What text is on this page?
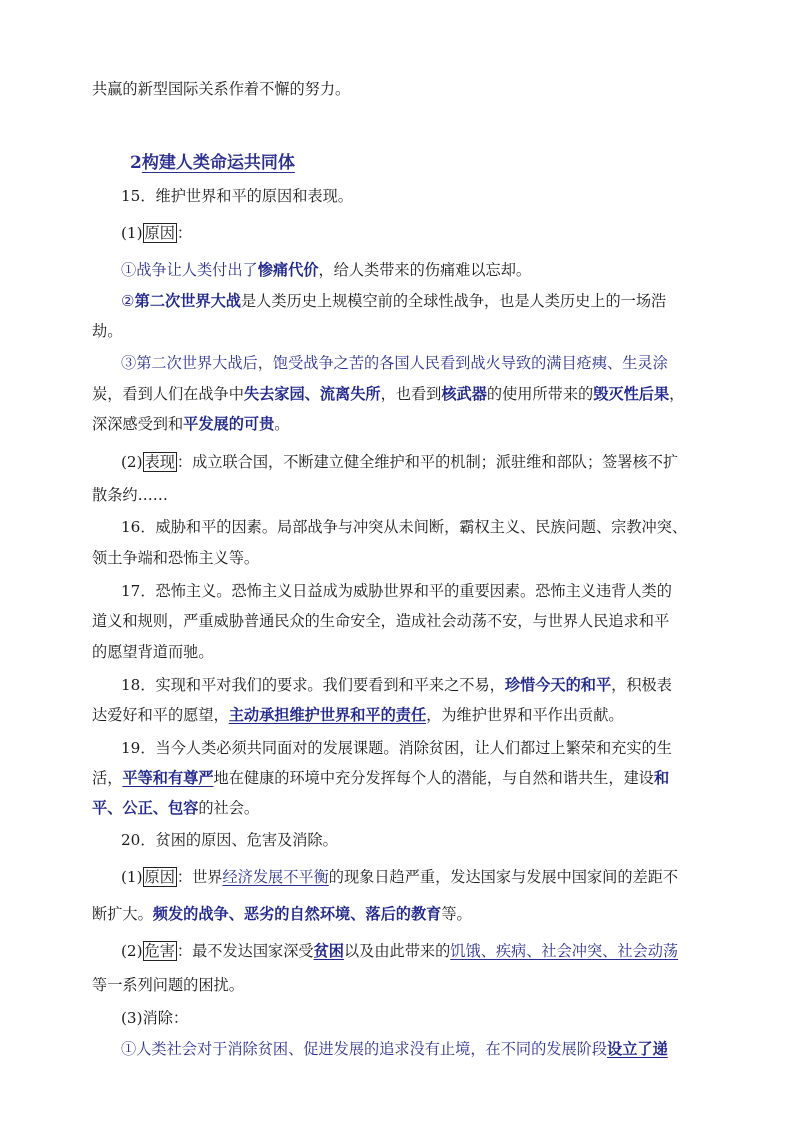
共赢的新型国际关系作着不懈的努力。
2构建人类命运共同体
15．维护世界和平的原因和表现。
(1) 原因 ：
①战争让人类付出了惨痛代价，给人类带来的伤痛难以忘却。
②第二次世界大战是人类历史上规模空前的全球性战争，也是人类历史上的一场浩
劫。
③第二次世界大战后，饱受战争之苦的各国人民看到战火导致的满目疮痍、生灵涂
炭，看到人们在战争中失去家园、流离失所，也看到核武器的使用所带来的毁灭性后果，
深深感受到和平发展的可贵。
(2) 表现 ：成立联合国，不断建立健全维护和平的机制；派驻维和部队；签署核不扩
散条约……
16．威胁和平的因素。局部战争与冲突从未间断，霸权主义、民族问题、宗教冲突、
领土争端和恐怖主义等。
17．恐怖主义。恐怖主义日益成为威胁世界和平的重要因素。恐怖主义违背人类的
道义和规则，严重威胁普通民众的生命安全，造成社会动荡不安，与世界人民追求和平
的愿望背道而驰。
18．实现和平对我们的要求。我们要看到和平来之不易，珍惜今天的和平，积极表
达爱好和平的愿望，主动承担维护世界和平的责任，为维护世界和平作出贡献。
19．当今人类必须共同面对的发展课题。消除贫困，让人们都过上繁荣和充实的生
活，平等和有尊严地在健康的环境中充分发挥每个人的潜能，与自然和谐共生，建设和
平、公正、包容的社会。
20．贫困的原因、危害及消除。
(1) 原因 ：世界经济发展不平衡的现象日趋严重，发达国家与发展中国家间的差距不
断扩大。频发的战争、恶劣的自然环境、落后的教育等。
(2) 危害 ：最不发达国家深受贫困以及由此带来的饥饿、疾病、社会冲突、社会动荡
等一系列问题的困扰。
(3)消除：
①人类社会对于消除贫困、促进发展的追求没有止境，在不同的发展阶段设立了递
